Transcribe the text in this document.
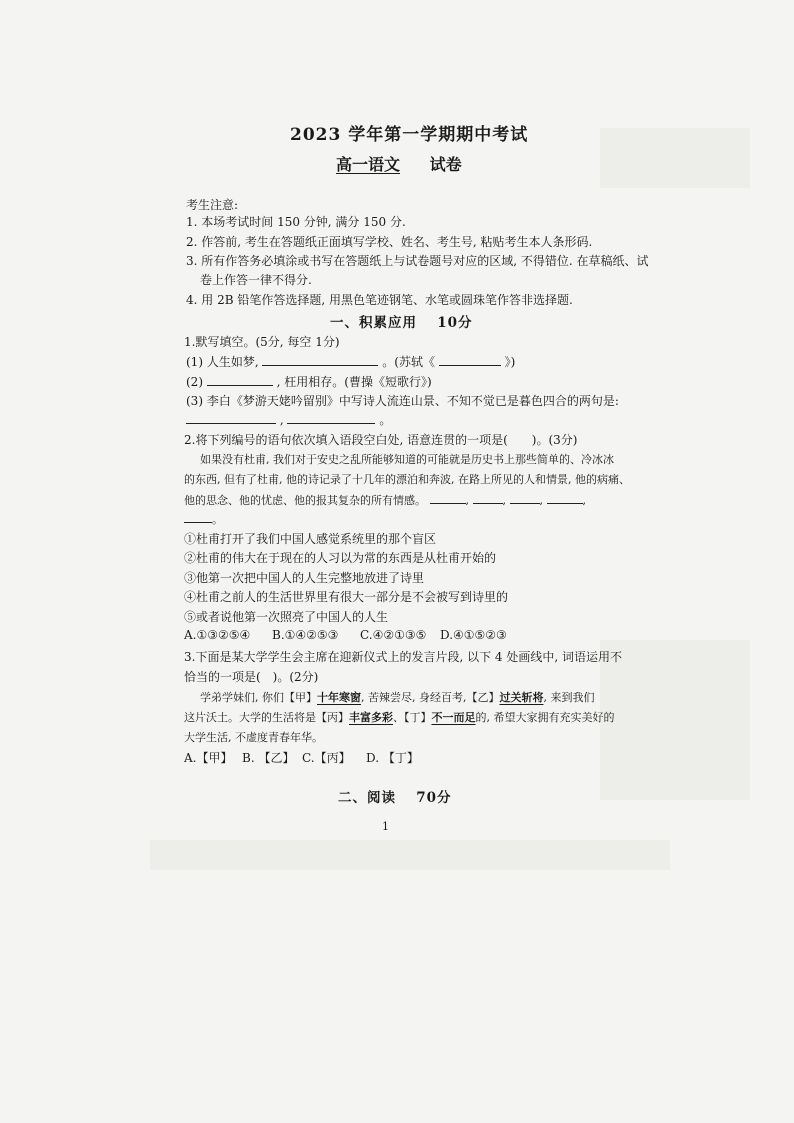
2023 学年第一学期期中考试
高一语文 试卷
考生注意:
1. 本场考试时间 150 分钟, 满分 150 分.
2. 作答前, 考生在答题纸正面填写学校、姓名、考生号, 粘贴考生本人条形码.
3. 所有作答务必填涂或书写在答题纸上与试卷题号对应的区域, 不得错位. 在草稿纸、试
卷上作答一律不得分.
4. 用 2B 铅笔作答选择题, 用黑色笔迹钢笔、水笔或圆珠笔作答非选择题.
一、积累应用　 10分
1.默写填空。(5分, 每空 1分)
(1) 人生如梦,	。(苏轼《	》)
(2)	, 枉用相存。(曹操《短歌行》)
(3) 李白《梦游天姥吟留别》中写诗人流连山景、不知不觉已是暮色四合的两句是:
,	。
2.将下列编号的语句依次填入语段空白处, 语意连贯的一项是(　　)。(3分)
如果没有杜甫, 我们对于安史之乱所能够知道的可能就是历史书上那些简单的、冷冰冰
的东西, 但有了杜甫, 他的诗记录了十几年的漂泊和奔波, 在路上所见的人和情景, 他的病痛、
他的思念、他的忧虑、他的报其复杂的所有情感。	,	,	,	,
。
①杜甫打开了我们中国人感觉系统里的那个盲区
②杜甫的伟大在于现在的人习以为常的东西是从杜甫开始的
③他第一次把中国人的人生完整地放进了诗里
④杜甫之前人的生活世界里有很大一部分是不会被写到诗里的
⑤或者说他第一次照亮了中国人的人生
A.①③②⑤④ B.①④②⑤③ C.④②①③⑤ D.④①⑤②③
3.下面是某大学学生会主席在迎新仪式上的发言片段, 以下 4 处画线中, 词语运用不
恰当的一项是(　)。(2分)
学弟学妹们, 你们【甲】十年寒窗, 苦辣尝尽, 身经百考,【乙】过关斩将, 来到我们
这片沃土。大学的生活将是【丙】丰富多彩、【丁】不一而足的, 希望大家拥有充实美好的
大学生活, 不虚度青春年华。
A.【甲】 B. 【乙】 C.【丙】 D. 【丁】
二、阅读　 70分
1
